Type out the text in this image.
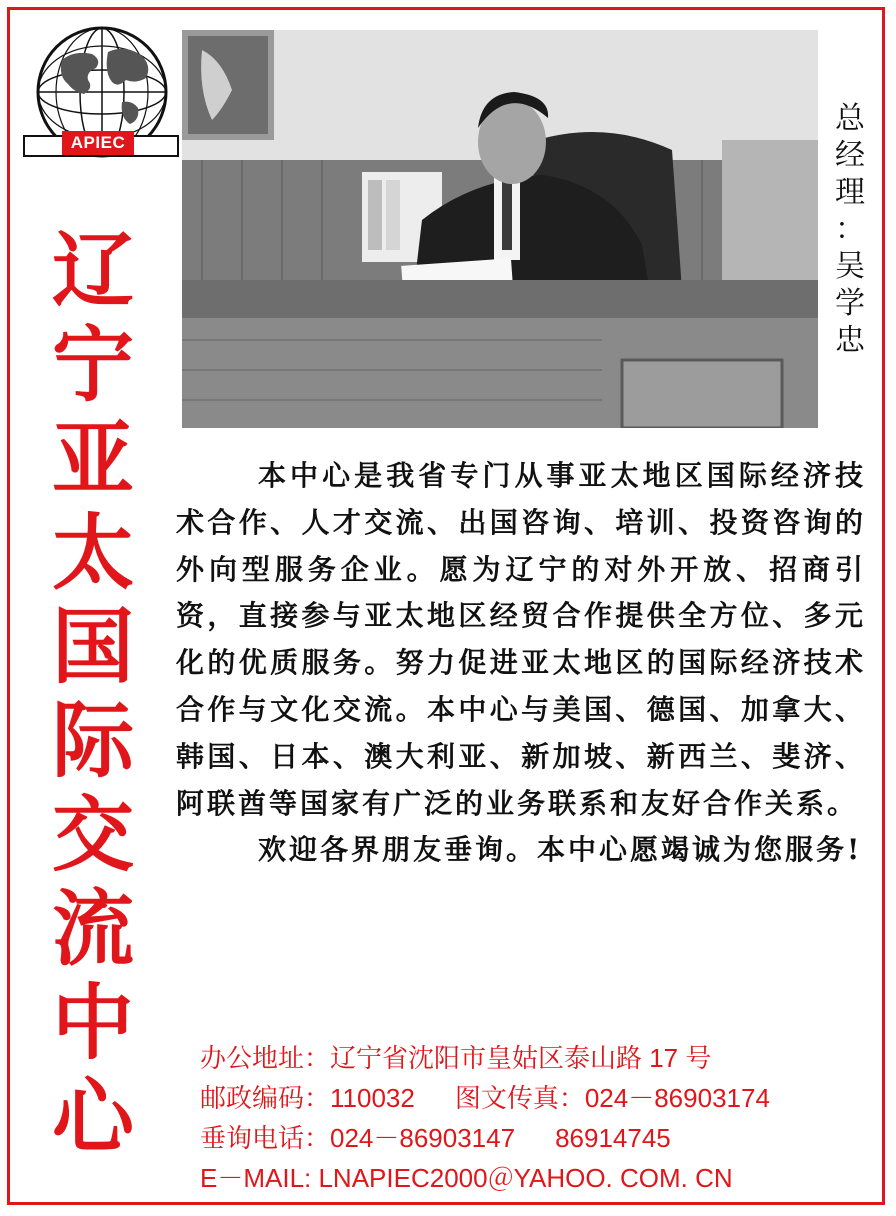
APIEC
辽
宁
亚
太
国
际
交
流
中
心
总
经
理
：
吴
学
忠

本中心是我省专门从事亚太地区国际经济技术合作、人才交流、出国咨询、培训、投资咨询的外向型服务企业。愿为辽宁的对外开放、招商引资，直接参与亚太地区经贸合作提供全方位、多元化的优质服务。努力促进亚太地区的国际经济技术合作与文化交流。本中心与美国、德国、加拿大、韩国、日本、澳大利亚、新加坡、新西兰、斐济、阿联酋等国家有广泛的业务联系和友好合作关系。

欢迎各界朋友垂询。本中心愿竭诚为您服务!

办公地址：辽宁省沈阳市皇姑区泰山路 17 号
邮政编码：110032 图文传真：024－86903174
垂询电话：024－86903147 86914745
E－MAIL: LNAPIEC2000＠YAHOO. COM. CN
